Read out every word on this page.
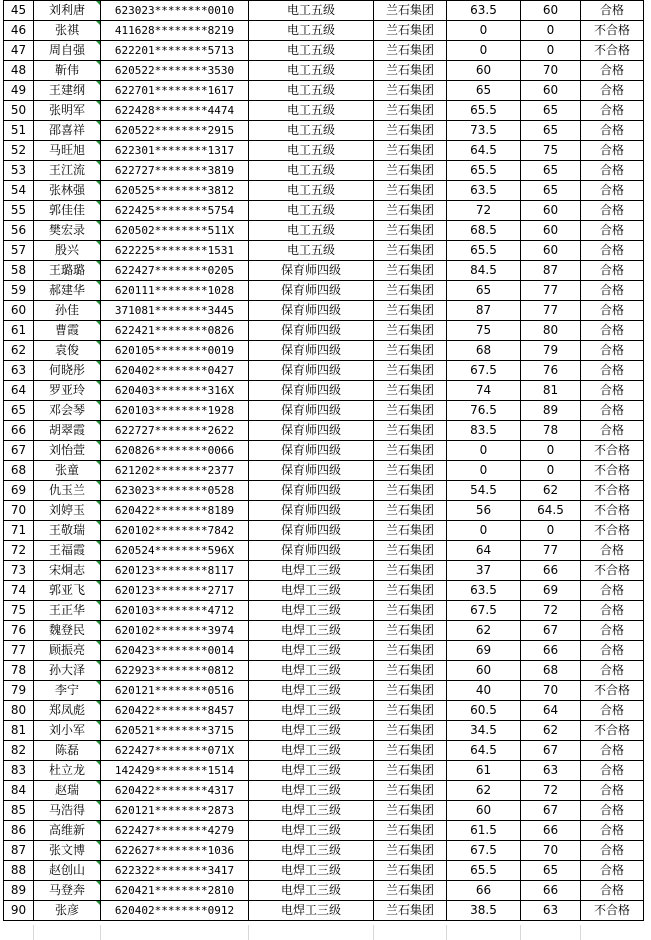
45	刘利唐	623023********0010	电工五级	兰石集团	63.5	60	合格
46	张祺	411628********8219	电工五级	兰石集团	0	0	不合格
47	周自强	622201********5713	电工五级	兰石集团	0	0	不合格
48	靳伟	620522********3530	电工五级	兰石集团	60	70	合格
49	王建纲	622701********1617	电工五级	兰石集团	65	60	合格
50	张明军	622428********4474	电工五级	兰石集团	65.5	65	合格
51	邵喜祥	620522********2915	电工五级	兰石集团	73.5	65	合格
52	马旺旭	622301********1317	电工五级	兰石集团	64.5	75	合格
53	王江流	622727********3819	电工五级	兰石集团	65.5	65	合格
54	张林强	620525********3812	电工五级	兰石集团	63.5	65	合格
55	郭佳佳	622425********5754	电工五级	兰石集团	72	60	合格
56	樊宏录	620502********511X	电工五级	兰石集团	68.5	60	合格
57	殷兴	622225********1531	电工五级	兰石集团	65.5	60	合格
58	王璐璐	622427********0205	保育师四级	兰石集团	84.5	87	合格
59	郝建华	620111********1028	保育师四级	兰石集团	65	77	合格
60	孙佳	371081********3445	保育师四级	兰石集团	87	77	合格
61	曹霞	622421********0826	保育师四级	兰石集团	75	80	合格
62	袁俊	620105********0019	保育师四级	兰石集团	68	79	合格
63	何晓彤	620402********0427	保育师四级	兰石集团	67.5	76	合格
64	罗亚玲	620403********316X	保育师四级	兰石集团	74	81	合格
65	邓会琴	620103********1928	保育师四级	兰石集团	76.5	89	合格
66	胡翠霞	622727********2622	保育师四级	兰石集团	83.5	78	合格
67	刘怡萱	620826********0066	保育师四级	兰石集团	0	0	不合格
68	张童	621202********2377	保育师四级	兰石集团	0	0	不合格
69	仇玉兰	623023********0528	保育师四级	兰石集团	54.5	62	不合格
70	刘婷玉	620422********8189	保育师四级	兰石集团	56	64.5	不合格
71	王敬瑞	620102********7842	保育师四级	兰石集团	0	0	不合格
72	王福霞	620524********596X	保育师四级	兰石集团	64	77	合格
73	宋炯志	620123********8117	电焊工三级	兰石集团	37	66	不合格
74	郭亚飞	620123********2717	电焊工三级	兰石集团	63.5	69	合格
75	王正华	620103********4712	电焊工三级	兰石集团	67.5	72	合格
76	魏登民	620102********3974	电焊工三级	兰石集团	62	67	合格
77	顾振亮	620423********0014	电焊工三级	兰石集团	69	66	合格
78	孙大泽	622923********0812	电焊工三级	兰石集团	60	68	合格
79	李宁	620121********0516	电焊工三级	兰石集团	40	70	不合格
80	郑凤彪	620422********8457	电焊工三级	兰石集团	60.5	64	合格
81	刘小军	620521********3715	电焊工三级	兰石集团	34.5	62	不合格
82	陈磊	622427********071X	电焊工三级	兰石集团	64.5	67	合格
83	杜立龙	142429********1514	电焊工三级	兰石集团	61	63	合格
84	赵瑞	620422********4317	电焊工三级	兰石集团	62	72	合格
85	马浩得	620121********2873	电焊工三级	兰石集团	60	67	合格
86	高维新	622427********4279	电焊工三级	兰石集团	61.5	66	合格
87	张文博	622627********1036	电焊工三级	兰石集团	67.5	70	合格
88	赵创山	622322********3417	电焊工三级	兰石集团	65.5	65	合格
89	马登奔	620421********2810	电焊工三级	兰石集团	66	66	合格
90	张彦	620402********0912	电焊工三级	兰石集团	38.5	63	不合格
